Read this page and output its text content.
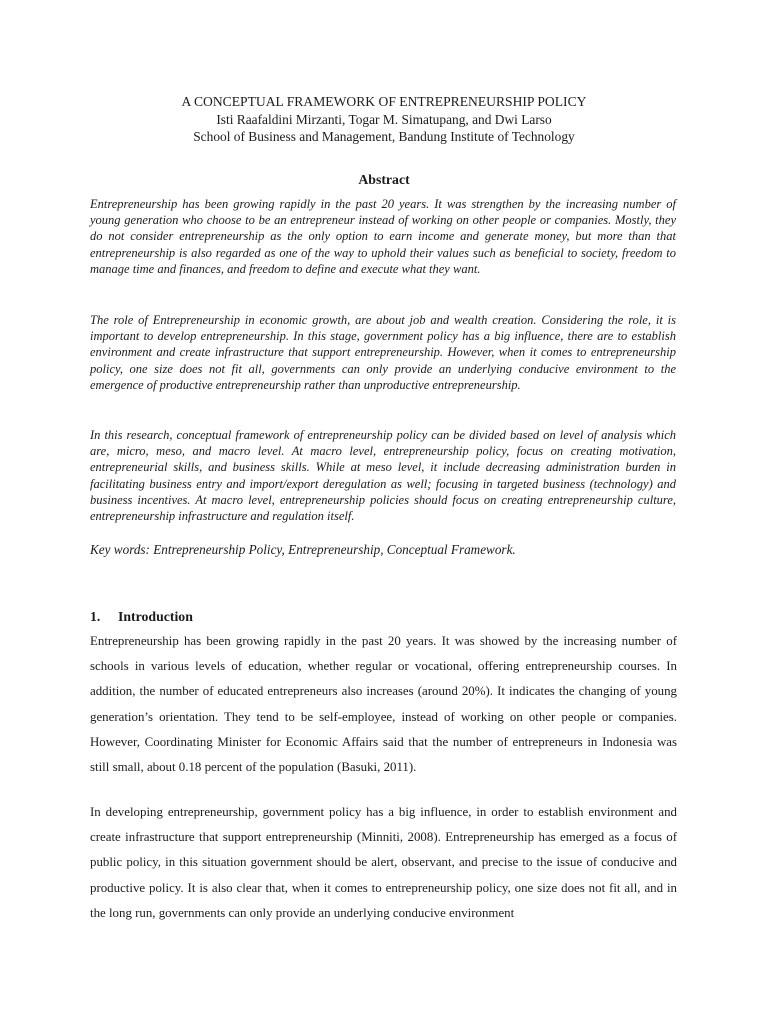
A CONCEPTUAL FRAMEWORK OF ENTREPRENEURSHIP POLICY
Isti Raafaldini Mirzanti, Togar M. Simatupang, and Dwi Larso
School of Business and Management, Bandung Institute of Technology
Abstract

Entrepreneurship has been growing rapidly in the past 20 years. It was strengthen by the increasing number of young generation who choose to be an entrepreneur instead of working on other people or companies. Mostly, they do not consider entrepreneurship as the only option to earn income and generate money, but more than that entrepreneurship is also regarded as one of the way to uphold their values such as beneficial to society, freedom to manage time and finances, and freedom to define and execute what they want.

The role of Entrepreneurship in economic growth, are about job and wealth creation. Considering the role, it is important to develop entrepreneurship. In this stage, government policy has a big influence, there are to establish environment and create infrastructure that support entrepreneurship. However, when it comes to entrepreneurship policy, one size does not fit all, governments can only provide an underlying conducive environment to the emergence of productive entrepreneurship rather than unproductive entrepreneurship.

In this research, conceptual framework of entrepreneurship policy can be divided based on level of analysis which are, micro, meso, and macro level. At macro level, entrepreneurship policy, focus on creating motivation, entrepreneurial skills, and business skills. While at meso level, it include decreasing administration burden in facilitating business entry and import/export deregulation as well; focusing in targeted business (technology) and business incentives. At macro level, entrepreneurship policies should focus on creating entrepreneurship culture, entrepreneurship infrastructure and regulation itself.

Key words: Entrepreneurship Policy, Entrepreneurship, Conceptual Framework.

1. Introduction

Entrepreneurship has been growing rapidly in the past 20 years. It was showed by the increasing number of schools in various levels of education, whether regular or vocational, offering entrepreneurship courses. In addition, the number of educated entrepreneurs also increases (around 20%). It indicates the changing of young generation’s orientation. They tend to be self-employee, instead of working on other people or companies. However, Coordinating Minister for Economic Affairs said that the number of entrepreneurs in Indonesia was still small, about 0.18 percent of the population (Basuki, 2011).

In developing entrepreneurship, government policy has a big influence, in order to establish environment and create infrastructure that support entrepreneurship (Minniti, 2008). Entrepreneurship has emerged as a focus of public policy, in this situation government should be alert, observant, and precise to the issue of conducive and productive policy. It is also clear that, when it comes to entrepreneurship policy, one size does not fit all, and in the long run, governments can only provide an underlying conducive environment
